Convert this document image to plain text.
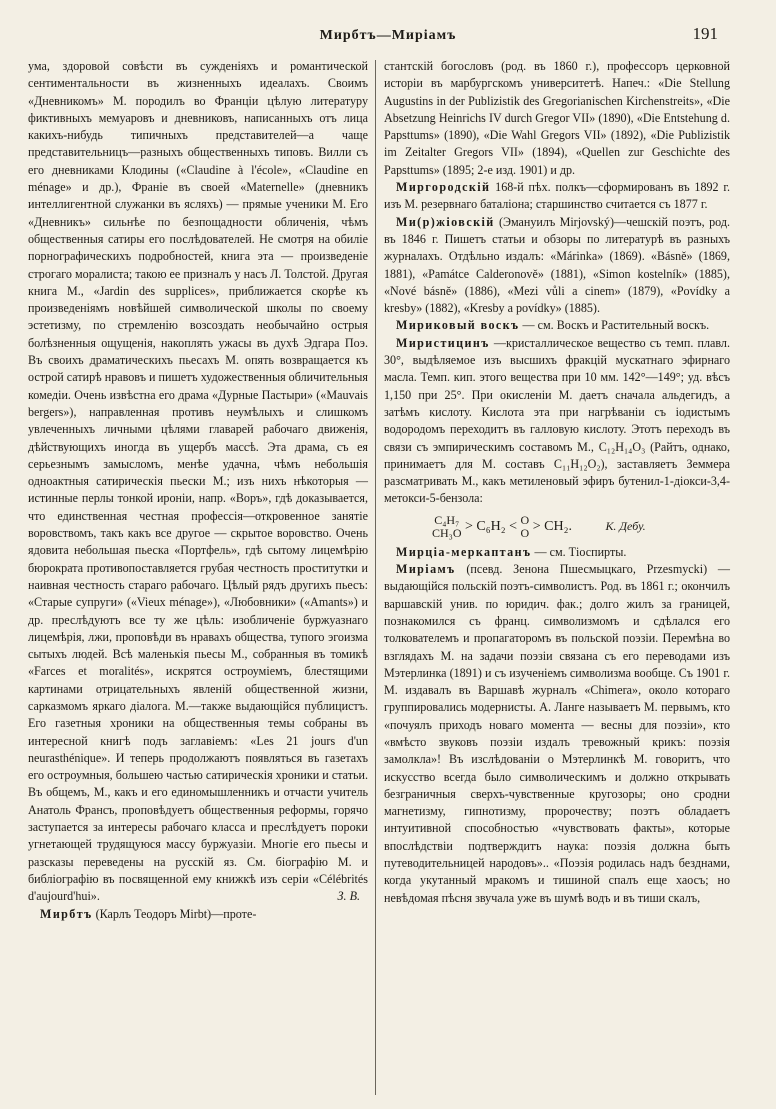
Мирбтъ—Миріамъ	191

ума, здоровой совѣсти въ сужденіяхъ и романтической сентиментальности въ жизненныхъ идеалахъ. Своимъ «Дневникомъ» М. породилъ во Франціи цѣлую литературу фиктивныхъ мемуаровъ и дневниковъ, написанныхъ отъ лица какихъ-нибудь типичныхъ представителей—а чаще представительницъ—разныхъ общественныхъ типовъ. Вилли съ его дневниками Клодины («Claudine à l'école», «Claudine en ménage» и др.), Франіе въ своей «Maternelle» (дневникъ интеллигентной служанки въ ясляхъ) — прямые ученики М. Его «Дневникъ» сильнѣе по безпощадности обличенія, чѣмъ общественныя сатиры его послѣдователей. Не смотря на обиліе порнографическихъ подробностей, книга эта — произведеніе строгаго моралиста; такою ее призналъ у насъ Л. Толстой. Другая книга М., «Jardin des supplices», приближается скорѣе къ произведеніямъ новѣйшей символической школы по своему эстетизму, по стремленію возсоздать необычайно острыя болѣзненныя ощущенія, накоплять ужасы въ духѣ Эдгара Поэ. Въ своихъ драматическихъ пьесахъ М. опять возвращается къ острой сатирѣ нравовъ и пишетъ художественныя обличительныя комедіи. Очень извѣстна его драма «Дурные Пастыри» («Mauvais bergers»), направленная противъ неумѣлыхъ и слишкомъ увлеченныхъ личными цѣлями главарей рабочаго движенія, дѣйствующихъ иногда въ ущербъ массѣ. Эта драма, съ ея серьезнымъ замысломъ, менѣе удачна, чѣмъ небольшія одноактныя сатирическія пьески М.; изъ нихъ нѣкоторыя — истинные перлы тонкой ироніи, напр. «Воръ», гдѣ доказывается, что единственная честная профессія—откровенное занятіе воровствомъ, такъ какъ все другое — скрытое воровство. Очень ядовита небольшая пьеска «Портфель», гдѣ сытому лицемѣрію бюрократа противопоставляется грубая честность проститутки и наивная честность стараго рабочаго. Цѣлый рядъ другихъ пьесъ: «Старые супруги» («Vieux ménage»), «Любовники» («Amants») и др. преслѣдуютъ все ту же цѣль: изобличеніе буржуазнаго лицемѣрія, лжи, проповѣди въ нравахъ общества, тупого эгоизма сытыхъ людей. Всѣ маленькія пьесы М., собранныя въ томикѣ «Farces et moralités», искрятся остроуміемъ, блестящими картинами отрицательныхъ явленій общественной жизни, сарказмомъ яркаго діалога. М.—также выдающійся публицистъ. Его газетныя хроники на общественныя темы собраны въ интересной книгѣ подъ заглавіемъ: «Les 21 jours d'un neurasthénique». И теперь продолжаютъ появляться въ газетахъ его остроумныя, большею частью сатирическія хроники и статьи. Въ общемъ, М., какъ и его единомышленникъ и отчасти учитель Анатоль Франсъ, проповѣдуетъ общественныя реформы, горячо заступается за интересы рабочаго класса и преслѣдуетъ пороки угнетающей трудящуюся массу буржуазіи. Многіе его пьесы и разсказы переведены на русскій яз. См. біографію М. и библіографію въ посвященной ему книжкѣ изъ серіи «Célébrités d'aujourd'hui».	З. В.

Мирбтъ (Карлъ Теодоръ Mirbt)—проте-

стантскій богословъ (род. въ 1860 г.), профессоръ церковной исторіи въ марбургскомъ университетѣ. Напеч.: «Die Stellung Augustins in der Publizistik des Gregorianischen Kirchenstreits», «Die Absetzung Heinrichs IV durch Gregor VII» (1890), «Die Entstehung d. Papsttums» (1890), «Die Wahl Gregors VII» (1892), «Die Publizistik im Zeitalter Gregors VII» (1894), «Quellen zur Geschichte des Papsttums» (1895; 2-е изд. 1901) и др.

Миргородскій 168-й пѣх. полкъ—сформированъ въ 1892 г. изъ М. резервнаго баталіона; старшинство считается съ 1877 г.

Ми(р)жіовскій (Эмануилъ Mirjovský)—чешскій поэтъ, род. въ 1846 г. Пишетъ статьи и обзоры по литературѣ въ разныхъ журналахъ. Отдѣльно издалъ: «Márinka» (1869). «Básně» (1869, 1881), «Památce Calderonově» (1881), «Simon kostelník» (1885), «Nové básně» (1886), «Mezi vůli a cinem» (1879), «Povídky a kresby» (1882), «Kresby a povídky» (1885).

Мириковый воскъ — см. Воскъ и Растительный воскъ.

Миристицинъ —кристаллическое вещество съ темп. плавл. 30°, выдѣляемое изъ высшихъ фракцій мускатнаго эфирнаго масла. Темп. кип. этого вещества при 10 мм. 142°—149°; уд. вѣсъ 1,150 при 25°. При окисленіи М. даетъ сначала альдегидъ, а затѣмъ кислоту. Кислота эта при нагрѣваніи съ іодистымъ водородомъ переходитъ въ галловую кислоту. Этотъ переходъ въ связи съ эмпирическимъ составомъ М., C₁₂H₁₄O₃ (Райтъ, однако, принимаетъ для М. составъ C₁₁H₁₂O₂), заставляетъ Земмера разсматривать М., какъ метиленовый эфиръ бутенил-1-діокси-3,4-метокси-5-бензола:

C₄H₇
CH₃O > C₆H₂ < O
O > CH₂.	К. Дебу.

Мирціа-меркаптанъ — см. Тіоспирты.

Миріамъ (псевд. Зенона Пшесмыцкаго, Przesmycki) — выдающійся польскій поэтъ-символистъ. Род. въ 1861 г.; окончилъ варшавскій унив. по юридич. фак.; долго жилъ за границей, познакомился съ франц. символизмомъ и сдѣлался его толкователемъ и пропагаторомъ въ польской поэзіи. Перемѣна во взглядахъ М. на задачи поэзіи связана съ его переводами изъ Мэтерлинка (1891) и съ изученіемъ символизма вообще. Съ 1901 г. М. издавалъ въ Варшавѣ журналъ «Chimera», около котораго группировались модернисты. А. Ланге называетъ М. первымъ, кто «почуялъ приходъ новаго момента — весны для поэзіи», кто «вмѣсто звуковъ поэзіи издалъ тревожный крикъ: поэзія замолкла»! Въ изслѣдованіи о Мэтерлинкѣ М. говоритъ, что искусство всегда было символическимъ и должно открывать безграничныя сверхъ-чувственные кругозоры; оно сродни магнетизму, гипнотизму, пророчеству; поэтъ обладаетъ интуитивной способностью «чувствовать факты», которые впослѣдствіи подтверждитъ наука: поэзія должна быть путеводительницей народовъ».. «Поэзія родилась надъ безднами, когда укутанный мракомъ и тишиной спалъ еще хаосъ; но невѣдомая пѣсня звучала уже въ шумѣ водъ и въ тиши скалъ,
